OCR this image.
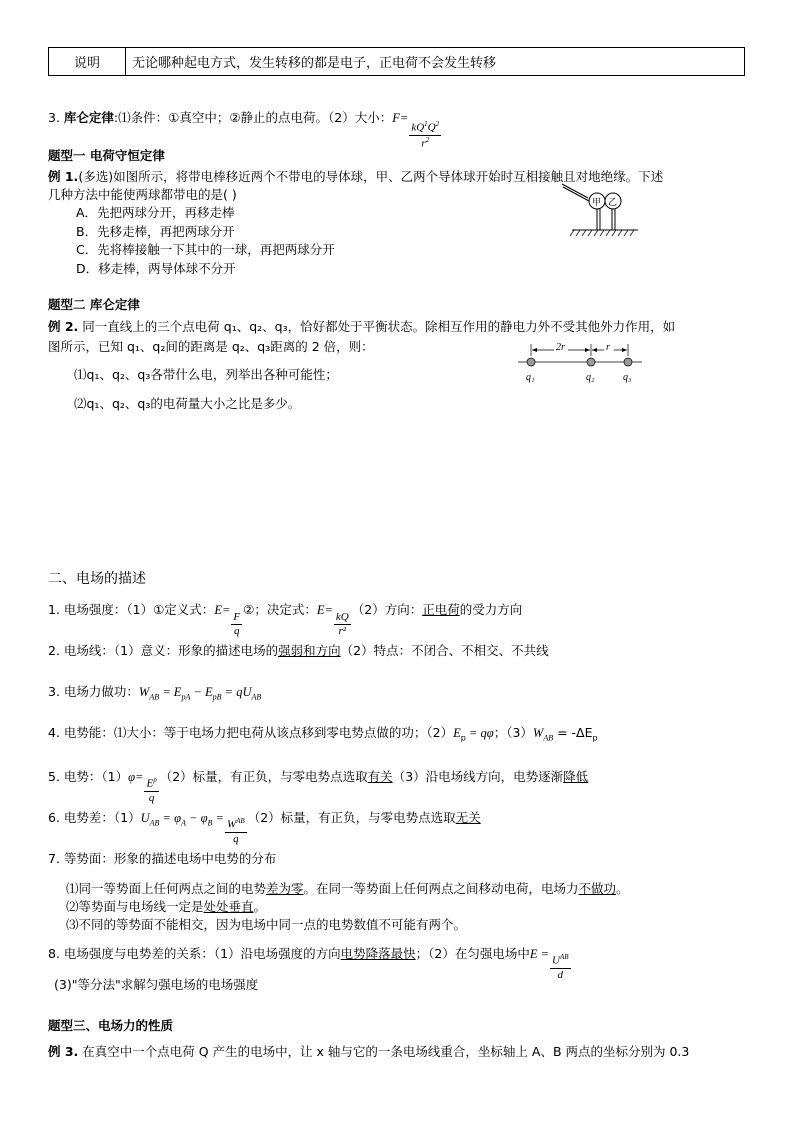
说明	无论哪种起电方式，发生转移的都是电子，正电荷不会发生转移
3. 库仑定律:⑴条件：①真空中；②静止的点电荷。（2）大小：F=
$\frac{kQ^1Q^2}{r^2}$
题型一 电荷守恒定律
例 1.(多选)如图所示，将带电棒移近两个不带电的导体球，甲、乙两个导体球开始时互相接触且对地绝缘。下述
几种方法中能使两球都带电的是( )
A．先把两球分开，再移走棒
B．先移走棒，再把两球分开
C．先将棒接触一下其中的一球，再把两球分开
D．移走棒，两导体球不分开
甲 乙
题型二 库仑定律
例 2. 同一直线上的三个点电荷 q₁、q₂、q₃，恰好都处于平衡状态。除相互作用的静电力外不受其他外力作用，如
图所示，已知 q₁、q₂间的距离是 q₂、q₃距离的 2 倍，则：
⑴q₁、q₂、q₃各带什么电，列举出各种可能性；
⑵q₁、q₂、q₃的电荷量大小之比是多少。
2r	r
q₁	q₂	q₃
二、电场的描述
1. 电场强度：（1）①定义式：E=
$\frac{F}{q}$
②；决定式：E=
$\frac{kQ}{\text{r²}}$
（2）方向：正电荷的受力方向
2. 电场线：（1）意义：形象的描述电场的强弱和方向（2）特点：不闭合、不相交、不共线
3. 电场力做功：$W_{AB} = E_{pA} - E_{pB} = qU_{AB}$
4. 电势能：⑴大小：等于电场力把电荷从该点移到零电势点做的功；$(2)E_p = q\varphi$；$(3)W_{AB} = -\Delta E_p$
5. 电势：（1）φ=
$\frac{E^p}{q}$
（2）标量，有正负，与零电势点选取有关（3）沿电场线方向，电势逐渐降低
6. 电势差：$(1)U_{AB} = \varphi_A - \varphi_B$ =
$\frac{W^{AB}}{q}$
（2）标量，有正负，与零电势点选取无关
7. 等势面：形象的描述电场中电势的分布
⑴同一等势面上任何两点之间的电势差为零。在同一等势面上任何两点之间移动电荷，电场力不做功。
⑵等势面与电场线一定是处处垂直。
⑶不同的等势面不能相交，因为电场中同一点的电势数值不可能有两个。
8. 电场强度与电势差的关系：（1）沿电场强度的方向电势降落最快；（2）在匀强电场中E =
$\frac{U^{AB}}{d}$
(3)"等分法"求解匀强电场的电场强度
题型三、电场力的性质
例 3. 在真空中一个点电荷 Q 产生的电场中，让 x 轴与它的一条电场线重合，坐标轴上 A、B 两点的坐标分别为 0.3
